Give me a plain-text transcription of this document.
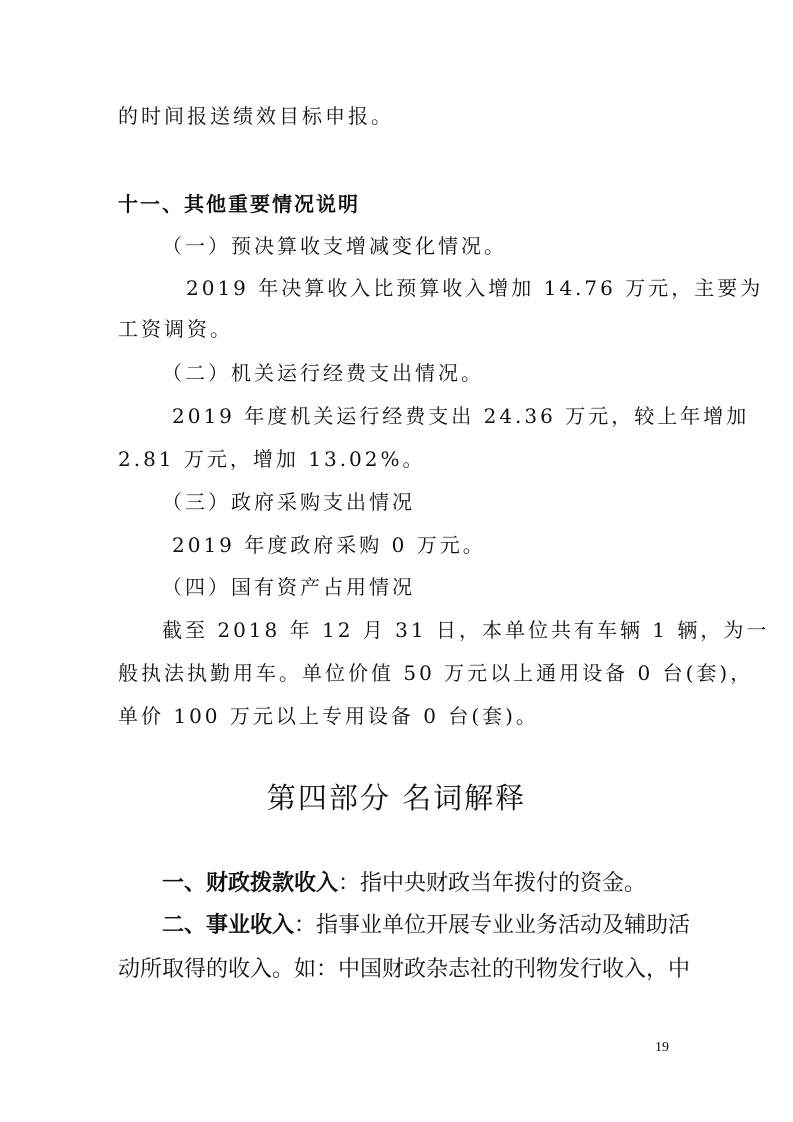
的时间报送绩效目标申报。

十一、其他重要情况说明

（一）预决算收支增减变化情况。

2019 年决算收入比预算收入增加 14.76 万元，主要为

工资调资。

（二）机关运行经费支出情况。

2019 年度机关运行经费支出 24.36 万元，较上年增加

2.81 万元，增加 13.02%。

（三）政府采购支出情况

2019 年度政府采购 0 万元。

（四）国有资产占用情况

截至 2018 年 12 月 31 日，本单位共有车辆 1 辆，为一

般执法执勤用车。单位价值 50 万元以上通用设备 0 台(套)，

单价 100 万元以上专用设备 0 台(套)。

第四部分 名词解释

一、财政拨款收入：指中央财政当年拨付的资金。

二、事业收入：指事业单位开展专业业务活动及辅助活

动所取得的收入。如：中国财政杂志社的刊物发行收入，中

19
